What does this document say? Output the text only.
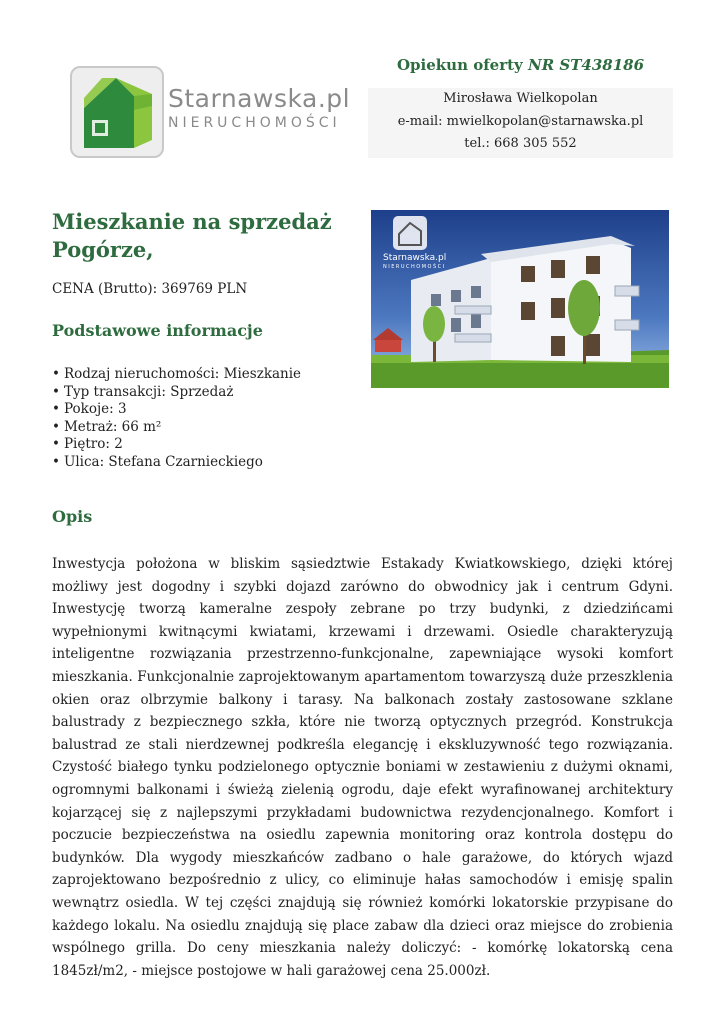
Starnawska.pl
NIERUCHOMOŚCI
Opiekun oferty NR ST438186
Mirosława Wielkopolan
e-mail: mwielkopolan@starnawska.pl
tel.: 668 305 552
Mieszkanie na sprzedaż Pogórze,
CENA (Brutto): 369769 PLN
Podstawowe informacje
• Rodzaj nieruchomości: Mieszkanie
• Typ transakcji: Sprzedaż
• Pokoje: 3
• Metraż: 66 m²
• Piętro: 2
• Ulica: Stefana Czarnieckiego
Starnawska.pl
NIERUCHOMOŚCI
Opis

Inwestycja położona w bliskim sąsiedztwie Estakady Kwiatkowskiego, dzięki której możliwy jest dogodny i szybki dojazd zarówno do obwodnicy jak i centrum Gdyni. Inwestycję tworzą kameralne zespoły zebrane po trzy budynki, z dziedzińcami wypełnionymi kwitnącymi kwiatami, krzewami i drzewami. Osiedle charakteryzują inteligentne rozwiązania przestrzenno-funkcjonalne, zapewniające wysoki komfort mieszkania. Funkcjonalnie zaprojektowanym apartamentom towarzyszą duże przeszklenia okien oraz olbrzymie balkony i tarasy. Na balkonach zostały zastosowane szklane balustrady z bezpiecznego szkła, które nie tworzą optycznych przegród. Konstrukcja balustrad ze stali nierdzewnej podkreśla elegancję i ekskluzywność tego rozwiązania. Czystość białego tynku podzielonego optycznie boniami w zestawieniu z dużymi oknami, ogromnymi balkonami i świeżą zielenią ogrodu, daje efekt wyrafinowanej architektury kojarzącej się z najlepszymi przykładami budownictwa rezydencjonalnego. Komfort i poczucie bezpieczeństwa na osiedlu zapewnia monitoring oraz kontrola dostępu do budynków. Dla wygody mieszkańców zadbano o hale garażowe, do których wjazd zaprojektowano bezpośrednio z ulicy, co eliminuje hałas samochodów i emisję spalin wewnątrz osiedla. W tej części znajdują się również komórki lokatorskie przypisane do każdego lokalu. Na osiedlu znajdują się place zabaw dla dzieci oraz miejsce do zrobienia wspólnego grilla. Do ceny mieszkania należy doliczyć: - komórkę lokatorską cena 1845zł/m2, - miejsce postojowe w hali garażowej cena 25.000zł.
